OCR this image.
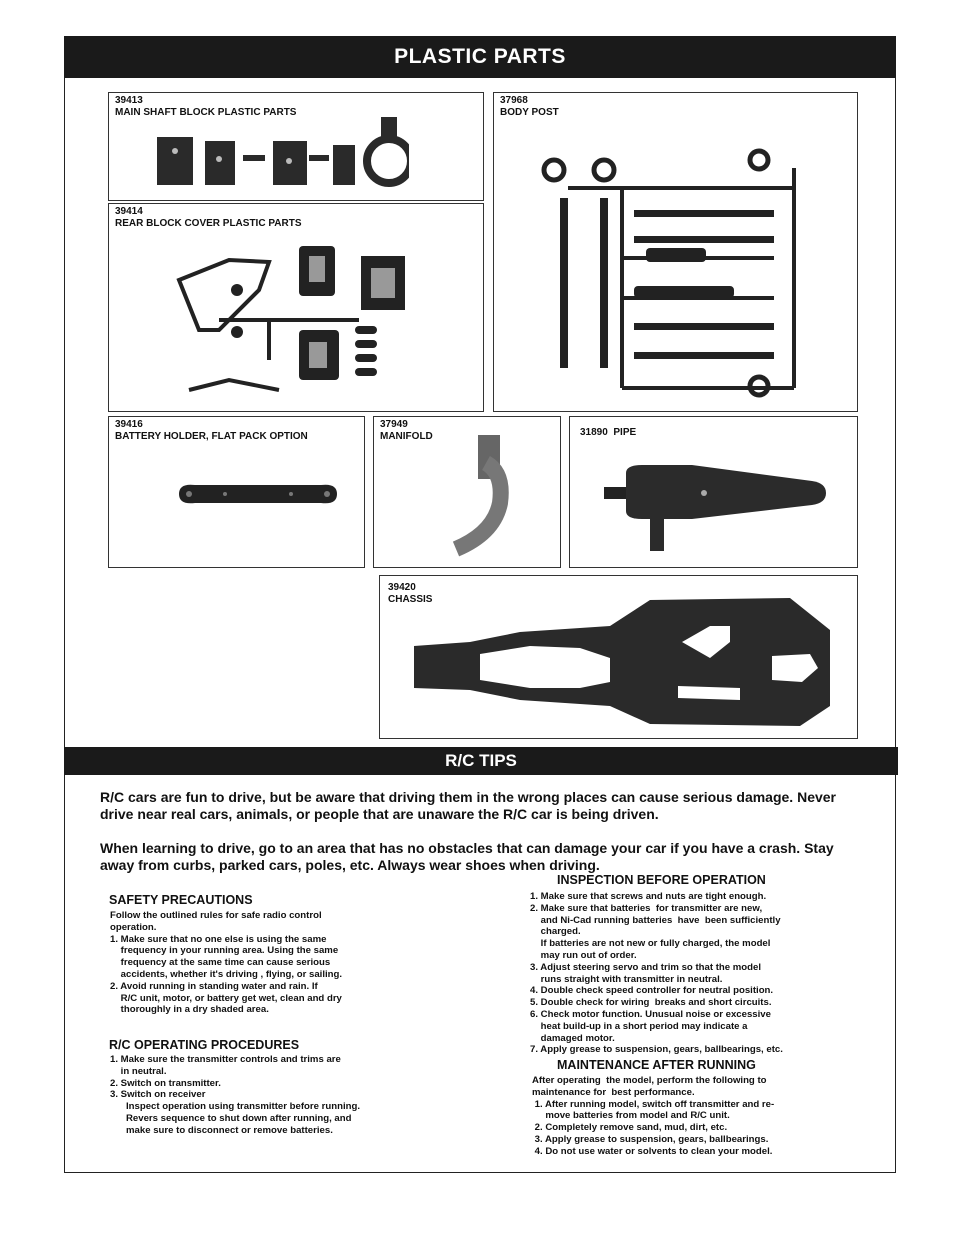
PLASTIC PARTS
39413
MAIN SHAFT BLOCK PLASTIC PARTS
37968
BODY POST
39414
REAR BLOCK COVER PLASTIC PARTS
39416
BATTERY HOLDER, FLAT PACK OPTION
37949
MANIFOLD	31890 PIPE
39420
CHASSIS
R/C TIPS

R/C cars are fun to drive, but be aware that driving them in the wrong places can cause serious damage. Never drive near real cars, animals, or people that are unaware the R/C car is being driven.

When learning to drive, go to an area that has no obstacles that can damage your car if you have a crash. Stay away from curbs, parked cars, poles, etc. Always wear shoes when driving.

SAFETY PRECAUTIONS
Follow the outlined rules for safe radio control
operation.
1. Make sure that no one else is using the same
frequency in your running area. Using the same
frequency at the same time can cause serious
accidents, whether it's driving , flying, or sailing.
2. Avoid running in standing water and rain. If
R/C unit, motor, or battery get wet, clean and dry
thoroughly in a dry shaded area.
R/C OPERATING PROCEDURES
1. Make sure the transmitter controls and trims are
in neutral.
2. Switch on transmitter.
3. Switch on receiver
Inspect operation using transmitter before running.
Revers sequence to shut down after running, and
make sure to disconnect or remove batteries.
INSPECTION BEFORE OPERATION
1. Make sure that screws and nuts are tight enough.
2. Make sure that batteries  for transmitter are new,
and Ni-Cad running batteries  have  been sufficiently
charged.
If batteries are not new or fully charged, the model
may run out of order.
3. Adjust steering servo and trim so that the model
runs straight with transmitter in neutral.
4. Double check speed controller for neutral position.
5. Double check for wiring  breaks and short circuits.
6. Check motor function. Unusual noise or excessive
heat build-up in a short period may indicate a
damaged motor.
7. Apply grease to suspension, gears, ballbearings, etc.
MAINTENANCE AFTER RUNNING
After operating  the model, perform the following to
maintenance for  best performance.
1. After running model, switch off transmitter and re-
move batteries from model and R/C unit.
2. Completely remove sand, mud, dirt, etc.
3. Apply grease to suspension, gears, ballbearings.
4. Do not use water or solvents to clean your model.
